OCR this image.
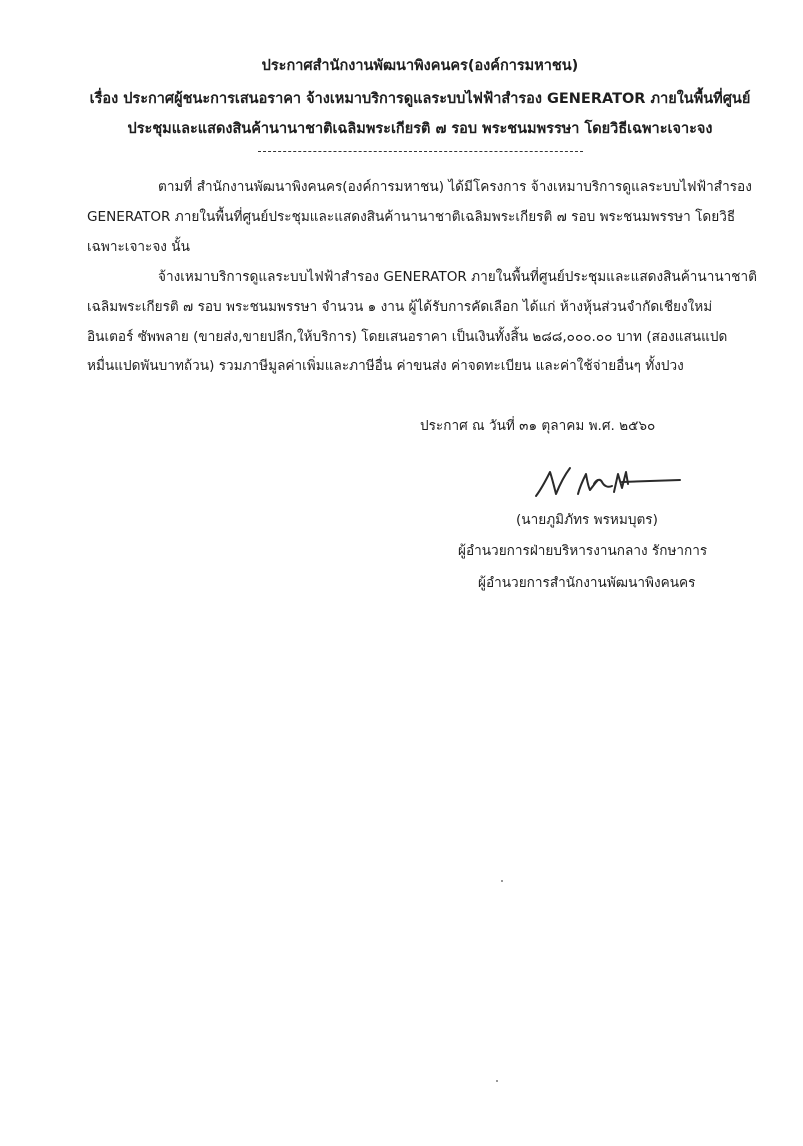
ประกาศสำนักงานพัฒนาพิงคนคร(องค์การมหาชน)
เรื่อง ประกาศผู้ชนะการเสนอราคา จ้างเหมาบริการดูแลระบบไฟฟ้าสำรอง GENERATOR ภายในพื้นที่ศูนย์
ประชุมและแสดงสินค้านานาชาติเฉลิมพระเกียรติ ๗ รอบ พระชนมพรรษา โดยวิธีเฉพาะเจาะจง
ตามที่ สำนักงานพัฒนาพิงคนคร(องค์การมหาชน) ได้มีโครงการ จ้างเหมาบริการดูแลระบบไฟฟ้าสำรอง
GENERATOR ภายในพื้นที่ศูนย์ประชุมและแสดงสินค้านานาชาติเฉลิมพระเกียรติ ๗ รอบ พระชนมพรรษา โดยวิธี
เฉพาะเจาะจง นั้น
จ้างเหมาบริการดูแลระบบไฟฟ้าสำรอง GENERATOR ภายในพื้นที่ศูนย์ประชุมและแสดงสินค้านานาชาติ
เฉลิมพระเกียรติ ๗ รอบ พระชนมพรรษา จำนวน ๑ งาน ผู้ได้รับการคัดเลือก ได้แก่ ห้างหุ้นส่วนจำกัดเชียงใหม่
อินเตอร์ ซัพพลาย (ขายส่ง,ขายปลีก,ให้บริการ) โดยเสนอราคา เป็นเงินทั้งสิ้น ๒๘๘,๐๐๐.๐๐ บาท (สองแสนแปด
หมื่นแปดพันบาทถ้วน) รวมภาษีมูลค่าเพิ่มและภาษีอื่น ค่าขนส่ง ค่าจดทะเบียน และค่าใช้จ่ายอื่นๆ ทั้งปวง
ประกาศ ณ วันที่ ๓๑ ตุลาคม พ.ศ. ๒๕๖๐
(นายภูมิภัทร พรหมบุตร)
ผู้อำนวยการฝ่ายบริหารงานกลาง รักษาการ
ผู้อำนวยการสำนักงานพัฒนาพิงคนคร
